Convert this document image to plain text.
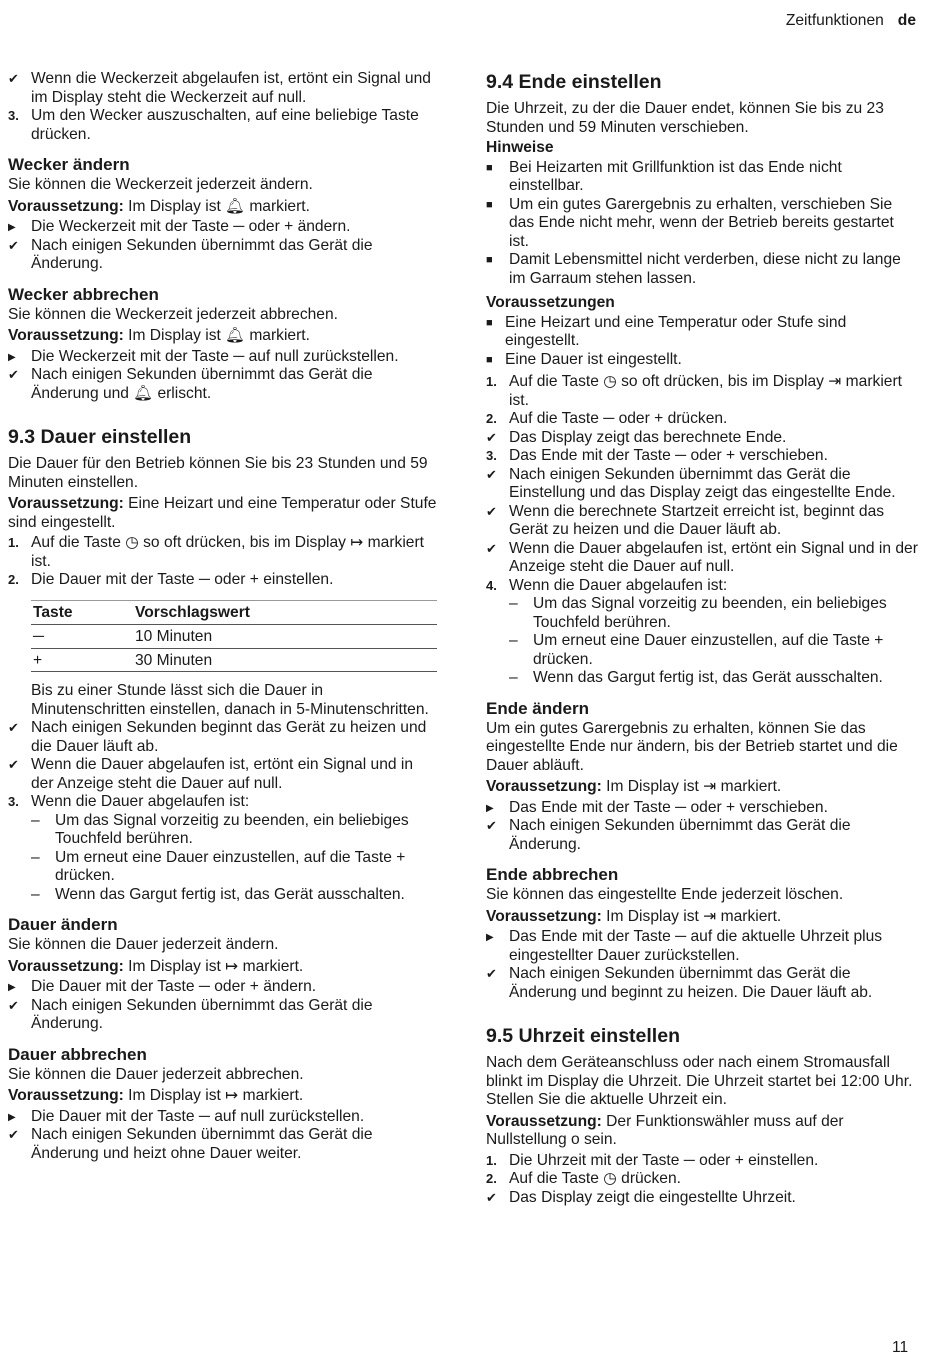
Zeitfunktionen de
✔ Wenn die Weckerzeit abgelaufen ist, ertönt ein Signal und im Display steht die Weckerzeit auf null.
3. Um den Wecker auszuschalten, auf eine beliebige Taste drücken.
Wecker ändern

Sie können die Weckerzeit jederzeit ändern.

Voraussetzung: Im Display ist 🔔︎ markiert.

▶ Die Weckerzeit mit der Taste ─ oder + ändern.
✔ Nach einigen Sekunden übernimmt das Gerät die Änderung.
Wecker abbrechen

Sie können die Weckerzeit jederzeit abbrechen.

Voraussetzung: Im Display ist 🔔︎ markiert.

▶ Die Weckerzeit mit der Taste ─ auf null zurückstellen.
✔ Nach einigen Sekunden übernimmt das Gerät die Änderung und 🔔︎ erlischt.
9.3 Dauer einstellen

Die Dauer für den Betrieb können Sie bis 23 Stunden und 59 Minuten einstellen.

Voraussetzung: Eine Heizart und eine Temperatur oder Stufe sind eingestellt.

1. Auf die Taste ◷ so oft drücken, bis im Display ↦ markiert ist.
2. Die Dauer mit der Taste ─ oder + einstellen.
Taste	Vorschlagswert
─	10 Minuten
+	30 Minuten

Bis zu einer Stunde lässt sich die Dauer in Minutenschritten einstellen, danach in 5-Minutenschritten.

✔ Nach einigen Sekunden beginnt das Gerät zu heizen und die Dauer läuft ab.
✔ Wenn die Dauer abgelaufen ist, ertönt ein Signal und in der Anzeige steht die Dauer auf null.
3. Wenn die Dauer abgelaufen ist:
– Um das Signal vorzeitig zu beenden, ein beliebiges Touchfeld berühren.
– Um erneut eine Dauer einzustellen, auf die Taste + drücken.
– Wenn das Gargut fertig ist, das Gerät ausschalten.
Dauer ändern

Sie können die Dauer jederzeit ändern.

Voraussetzung: Im Display ist ↦ markiert.

▶ Die Dauer mit der Taste ─ oder + ändern.
✔ Nach einigen Sekunden übernimmt das Gerät die Änderung.
Dauer abbrechen

Sie können die Dauer jederzeit abbrechen.

Voraussetzung: Im Display ist ↦ markiert.

▶ Die Dauer mit der Taste ─ auf null zurückstellen.
✔ Nach einigen Sekunden übernimmt das Gerät die Änderung und heizt ohne Dauer weiter.
9.4 Ende einstellen

Die Uhrzeit, zu der die Dauer endet, können Sie bis zu 23 Stunden und 59 Minuten verschieben.

Hinweise
■	Bei Heizarten mit Grillfunktion ist das Ende nicht einstellbar.
■	Um ein gutes Garergebnis zu erhalten, verschieben Sie das Ende nicht mehr, wenn der Betrieb bereits gestartet ist.
■	Damit Lebensmittel nicht verderben, diese nicht zu lange im Garraum stehen lassen.
Voraussetzungen
■ Eine Heizart und eine Temperatur oder Stufe sind eingestellt.
■ Eine Dauer ist eingestellt.
1. Auf die Taste ◷ so oft drücken, bis im Display ⇥ markiert ist.
2. Auf die Taste ─ oder + drücken.
✔ Das Display zeigt das berechnete Ende.
3. Das Ende mit der Taste ─ oder + verschieben.
✔ Nach einigen Sekunden übernimmt das Gerät die Einstellung und das Display zeigt das eingestellte Ende.
✔ Wenn die berechnete Startzeit erreicht ist, beginnt das Gerät zu heizen und die Dauer läuft ab.
✔ Wenn die Dauer abgelaufen ist, ertönt ein Signal und in der Anzeige steht die Dauer auf null.
4. Wenn die Dauer abgelaufen ist:
– Um das Signal vorzeitig zu beenden, ein beliebiges Touchfeld berühren.
– Um erneut eine Dauer einzustellen, auf die Taste + drücken.
– Wenn das Gargut fertig ist, das Gerät ausschalten.
Ende ändern

Um ein gutes Garergebnis zu erhalten, können Sie das eingestellte Ende nur ändern, bis der Betrieb startet und die Dauer abläuft.

Voraussetzung: Im Display ist ⇥ markiert.

▶ Das Ende mit der Taste ─ oder + verschieben.
✔ Nach einigen Sekunden übernimmt das Gerät die Änderung.
Ende abbrechen

Sie können das eingestellte Ende jederzeit löschen.

Voraussetzung: Im Display ist ⇥ markiert.

▶ Das Ende mit der Taste ─ auf die aktuelle Uhrzeit plus eingestellter Dauer zurückstellen.
✔ Nach einigen Sekunden übernimmt das Gerät die Änderung und beginnt zu heizen. Die Dauer läuft ab.
9.5 Uhrzeit einstellen

Nach dem Geräteanschluss oder nach einem Stromausfall blinkt im Display die Uhrzeit. Die Uhrzeit startet bei 12:00 Uhr. Stellen Sie die aktuelle Uhrzeit ein.

Voraussetzung: Der Funktionswähler muss auf der Nullstellung o sein.

1. Die Uhrzeit mit der Taste ─ oder + einstellen.
2. Auf die Taste ◷ drücken.
✔ Das Display zeigt die eingestellte Uhrzeit.
11
